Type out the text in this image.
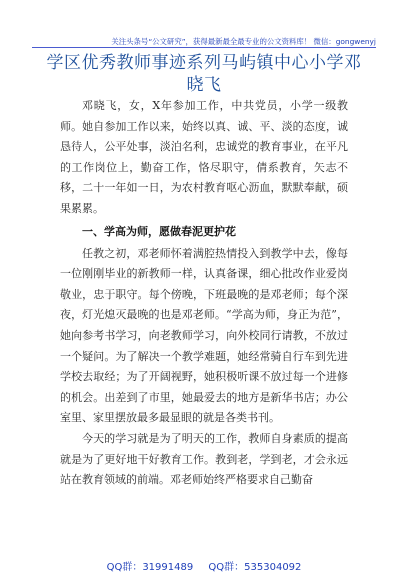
关注头条号“公文研究”，获得最新最全最专业的公文资料库！ 微信：gongwenyj
学区优秀教师事迹系列马屿镇中心小学邓晓飞

邓晓飞，女，X年参加工作，中共党员，小学一级教师。她自参加工作以来，始终以真、诚、平、淡的态度，诚恳待人，公平处事，淡泊名利，忠诚党的教育事业，在平凡的工作岗位上，勤奋工作，恪尽职守，倩系教育，矢志不移，二十一年如一日，为农村教育呕心沥血，默默奉献，硕果累累。

一、学高为师，愿做春泥更护花

任教之初，邓老师怀着满腔热情投入到教学中去，像每一位刚刚毕业的新教师一样，认真备课，细心批改作业爱岗敬业，忠于职守。每个傍晚，下班最晚的是邓老师；每个深夜，灯光熄灭最晚的也是邓老师。“学高为师，身正为范”，她向参考书学习，向老教师学习，向外校同行请教，不放过一个疑问。为了解决一个教学难题，她经常骑自行车到先进学校去取经；为了开阔视野，她积极听课不放过每一个进修的机会。出差到了市里，她最爱去的地方是新华书店；办公室里、家里摆放最多最显眼的就是各类书刊。

今天的学习就是为了明天的工作，教师自身素质的提高就是为了更好地干好教育工作。教到老，学到老，才会永远站在教育领域的前端。邓老师始终严格要求自己勤奋

QQ群：31991489 QQ群：535304092
